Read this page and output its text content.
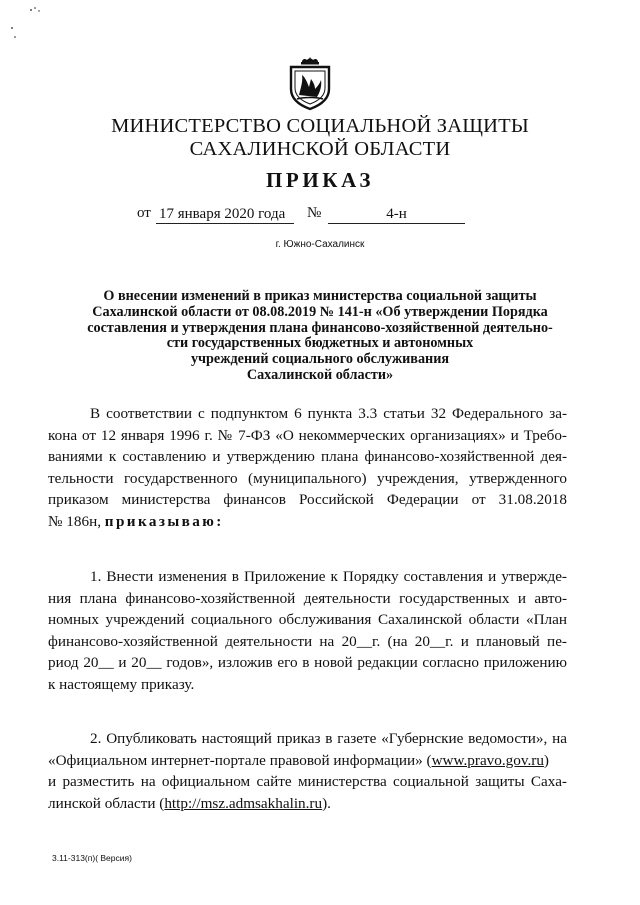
МИНИСТЕРСТВО СОЦИАЛЬНОЙ ЗАЩИТЫ
САХАЛИНСКОЙ ОБЛАСТИ
ПРИКАЗ
от 17 января 2020 года	№	4-н
г. Южно-Сахалинск
О внесении изменений в приказ министерства социальной защиты
Сахалинской области от 08.08.2019 № 141-н «Об утверждении Порядка
составления и утверждения плана финансово-хозяйственной деятельно-
сти государственных бюджетных и автономных
учреждений социального обслуживания
Сахалинской области»
В соответствии с подпунктом 6 пункта 3.3 статьи 32 Федерального за-
кона от 12 января 1996 г. № 7-ФЗ «О некоммерческих организациях» и Требо-
ваниями к составлению и утверждению плана финансово-хозяйственной дея-
тельности государственного (муниципального) учреждения, утвержденного
приказом министерства финансов Российской Федерации от 31.08.2018
№ 186н, приказываю:
1. Внести изменения в Приложение к Порядку составления и утвержде-
ния плана финансово-хозяйственной деятельности государственных и авто-
номных учреждений социального обслуживания Сахалинской области «План
финансово-хозяйственной деятельности на 20__г. (на 20__г. и плановый пе-
риод 20__ и 20__ годов», изложив его в новой редакции согласно приложению
к настоящему приказу.
2. Опубликовать настоящий приказ в газете «Губернские ведомости», на
«Официальном интернет-портале правовой информации» (www.pravo.gov.ru)
и разместить на официальном сайте министерства социальной защиты Саха-
линской области (http://msz.admsakhalin.ru).
3.11-313(п)( Версия)
